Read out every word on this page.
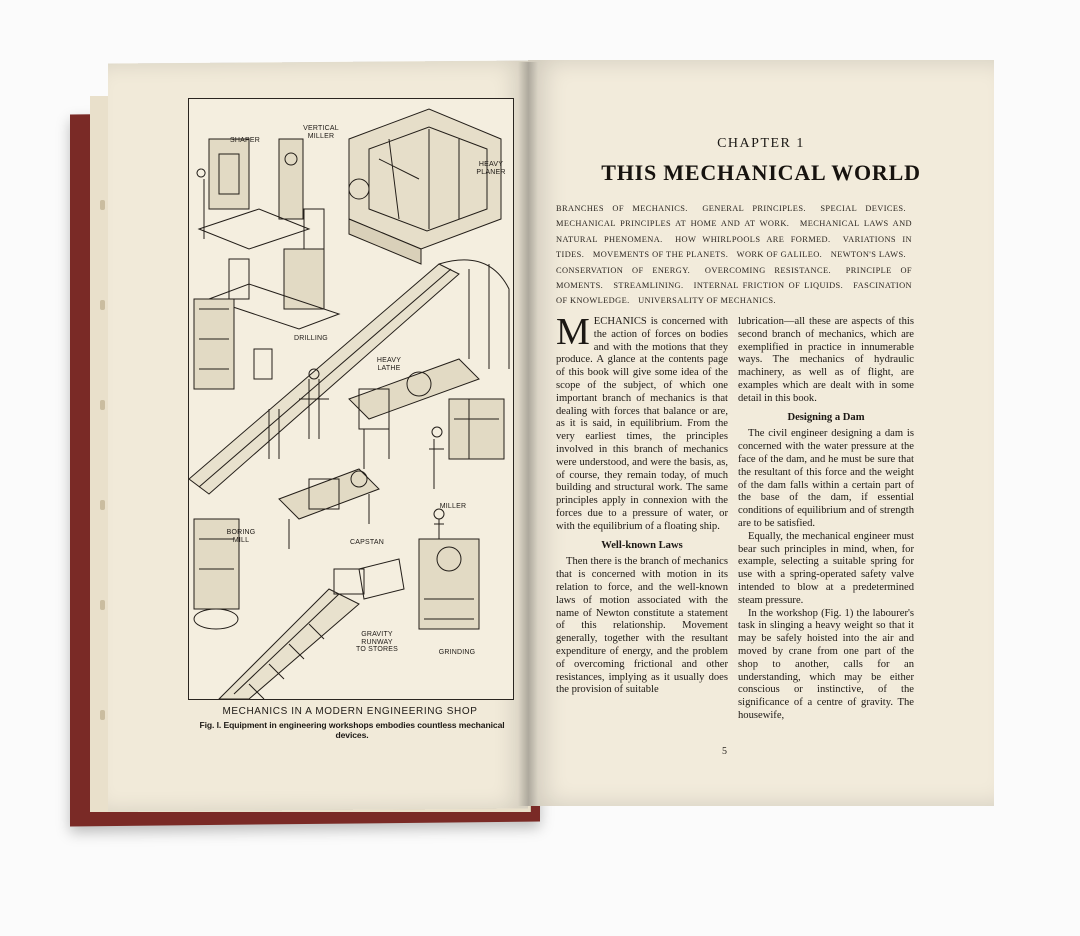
SHAPER
VERTICAL
MILLER
HEAVY
PLANER
DRILLING
HEAVY
LATHE
MILLER
BORING
MILL	CAPSTAN
GRAVITY
RUNWAY
TO STORES	GRINDING
MECHANICS IN A MODERN ENGINEERING SHOP
Fig. I. Equipment in engineering workshops embodies countless mechanical devices.
CHAPTER 1
THIS MECHANICAL WORLD
BRANCHES OF MECHANICS. GENERAL PRINCIPLES. SPECIAL DEVICES. MECHANICAL PRINCIPLES AT HOME AND AT WORK. MECHANICAL LAWS AND NATURAL PHENOMENA. HOW WHIRLPOOLS ARE FORMED. VARIATIONS IN TIDES. MOVEMENTS OF THE PLANETS. WORK OF GALILEO. NEWTON'S LAWS. CONSERVATION OF ENERGY. OVERCOMING RESISTANCE. PRINCIPLE OF MOMENTS. STREAMLINING. INTERNAL FRICTION OF LIQUIDS. FASCINATION OF KNOWLEDGE. UNIVERSALITY OF MECHANICS.

MECHANICS is concerned with the action of forces on bodies and with the motions that they produce. A glance at the contents page of this book will give some idea of the scope of the subject, of which one important branch of mechanics is that dealing with forces that balance or are, as it is said, in equilibrium. From the very earliest times, the principles involved in this branch of mechanics were understood, and were the basis, as, of course, they remain today, of much building and structural work. The same principles apply in connexion with the forces due to a pressure of water, or with the equilibrium of a floating ship.

Well-known Laws

Then there is the branch of mechanics that is concerned with motion in its relation to force, and the well-known laws of motion associated with the name of Newton constitute a statement of this relationship. Movement generally, together with the resultant expenditure of energy, and the problem of overcoming frictional and other resistances, implying as it usually does the provision of suitable

lubrication—all these are aspects of this second branch of mechanics, which are exemplified in practice in innumerable ways. The mechanics of hydraulic machinery, as well as of flight, are examples which are dealt with in some detail in this book.

Designing a Dam

The civil engineer designing a dam is concerned with the water pressure at the face of the dam, and he must be sure that the resultant of this force and the weight of the dam falls within a certain part of the base of the dam, if essential conditions of equilibrium and of strength are to be satisfied.

Equally, the mechanical engineer must bear such principles in mind, when, for example, selecting a suitable spring for use with a spring-operated safety valve intended to blow at a predetermined steam pressure.

In the workshop (Fig. 1) the labourer's task in slinging a heavy weight so that it may be safely hoisted into the air and moved by crane from one part of the shop to another, calls for an understanding, which may be either conscious or instinctive, of the significance of a centre of gravity. The housewife,

5
